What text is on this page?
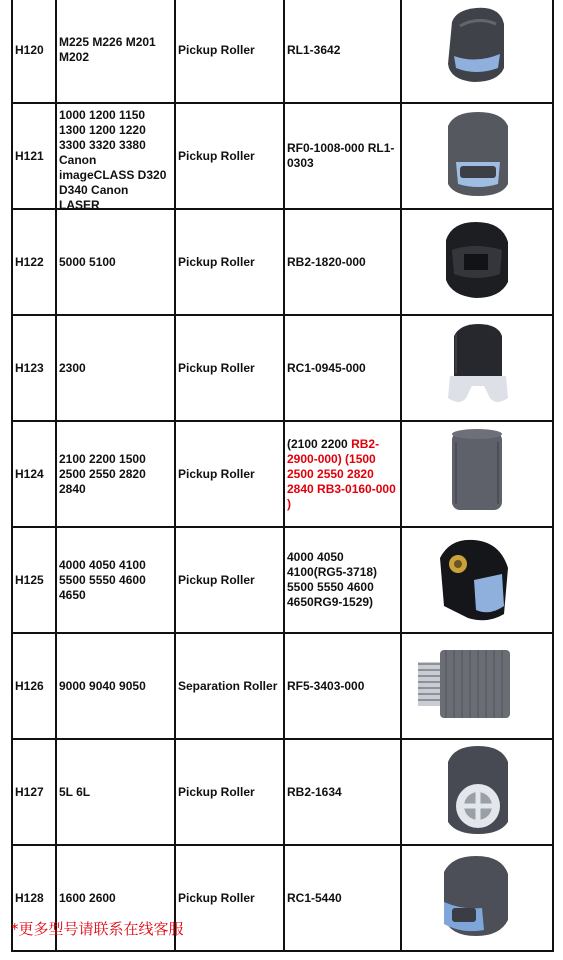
H120	M225 M226 M201 M202	Pickup Roller	RL1-3642	
H121	1000 1200 1150 1300 1200 1220 3300 3320 3380 Canon imageCLASS D320 D340 Canon LASER	Pickup Roller	RF0-1008-000 RL1-0303	
H122	5000 5100	Pickup Roller	RB2-1820-000	
H123	2300	Pickup Roller	RC1-0945-000	
H124	2100 2200 1500 2500 2550 2820 2840	Pickup Roller	(2100 2200 RB2-2900-000) (1500 2500 2550 2820 2840 RB3-0160-000 )	
H125	4000 4050 4100 5500 5550 4600 4650	Pickup Roller	4000 4050 4100(RG5-3718) 5500 5550 4600 4650RG9-1529)	
H126	9000 9040 9050	Separation Roller	RF5-3403-000	
H127	5L 6L	Pickup Roller	RB2-1634	
H128	1600 2600	Pickup Roller	RC1-5440	
*更多型号请联系在线客服
